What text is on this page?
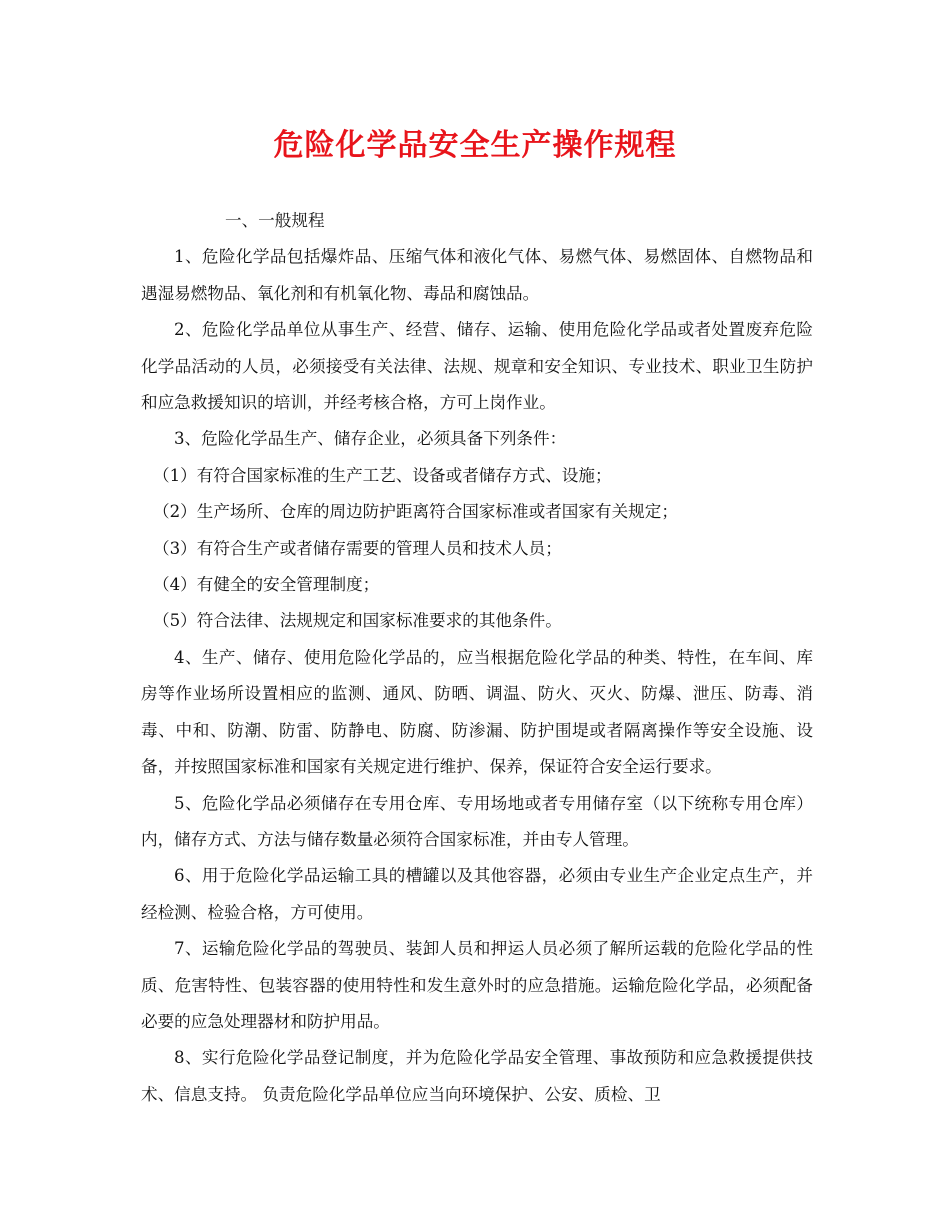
危险化学品安全生产操作规程

一、一般规程

1、危险化学品包括爆炸品、压缩气体和液化气体、易燃气体、易燃固体、自燃物品和遇湿易燃物品、氧化剂和有机氧化物、毒品和腐蚀品。

2、危险化学品单位从事生产、经营、储存、运输、使用危险化学品或者处置废弃危险化学品活动的人员，必须接受有关法律、法规、规章和安全知识、专业技术、职业卫生防护和应急救援知识的培训，并经考核合格，方可上岗作业。

3、危险化学品生产、储存企业，必须具备下列条件：

（1）有符合国家标准的生产工艺、设备或者储存方式、设施；

（2）生产场所、仓库的周边防护距离符合国家标准或者国家有关规定；

（3）有符合生产或者储存需要的管理人员和技术人员；

（4）有健全的安全管理制度；

（5）符合法律、法规规定和国家标准要求的其他条件。

4、生产、储存、使用危险化学品的，应当根据危险化学品的种类、特性，在车间、库房等作业场所设置相应的监测、通风、防晒、调温、防火、灭火、防爆、泄压、防毒、消毒、中和、防潮、防雷、防静电、防腐、防渗漏、防护围堤或者隔离操作等安全设施、设备，并按照国家标准和国家有关规定进行维护、保养，保证符合安全运行要求。

5、危险化学品必须储存在专用仓库、专用场地或者专用储存室（以下统称专用仓库）内，储存方式、方法与储存数量必须符合国家标准，并由专人管理。

6、用于危险化学品运输工具的槽罐以及其他容器，必须由专业生产企业定点生产，并经检测、检验合格，方可使用。

7、运输危险化学品的驾驶员、装卸人员和押运人员必须了解所运载的危险化学品的性质、危害特性、包装容器的使用特性和发生意外时的应急措施。运输危险化学品，必须配备必要的应急处理器材和防护用品。

8、实行危险化学品登记制度，并为危险化学品安全管理、事故预防和应急救援提供技术、信息支持。 负责危险化学品单位应当向环境保护、公安、质检、卫
